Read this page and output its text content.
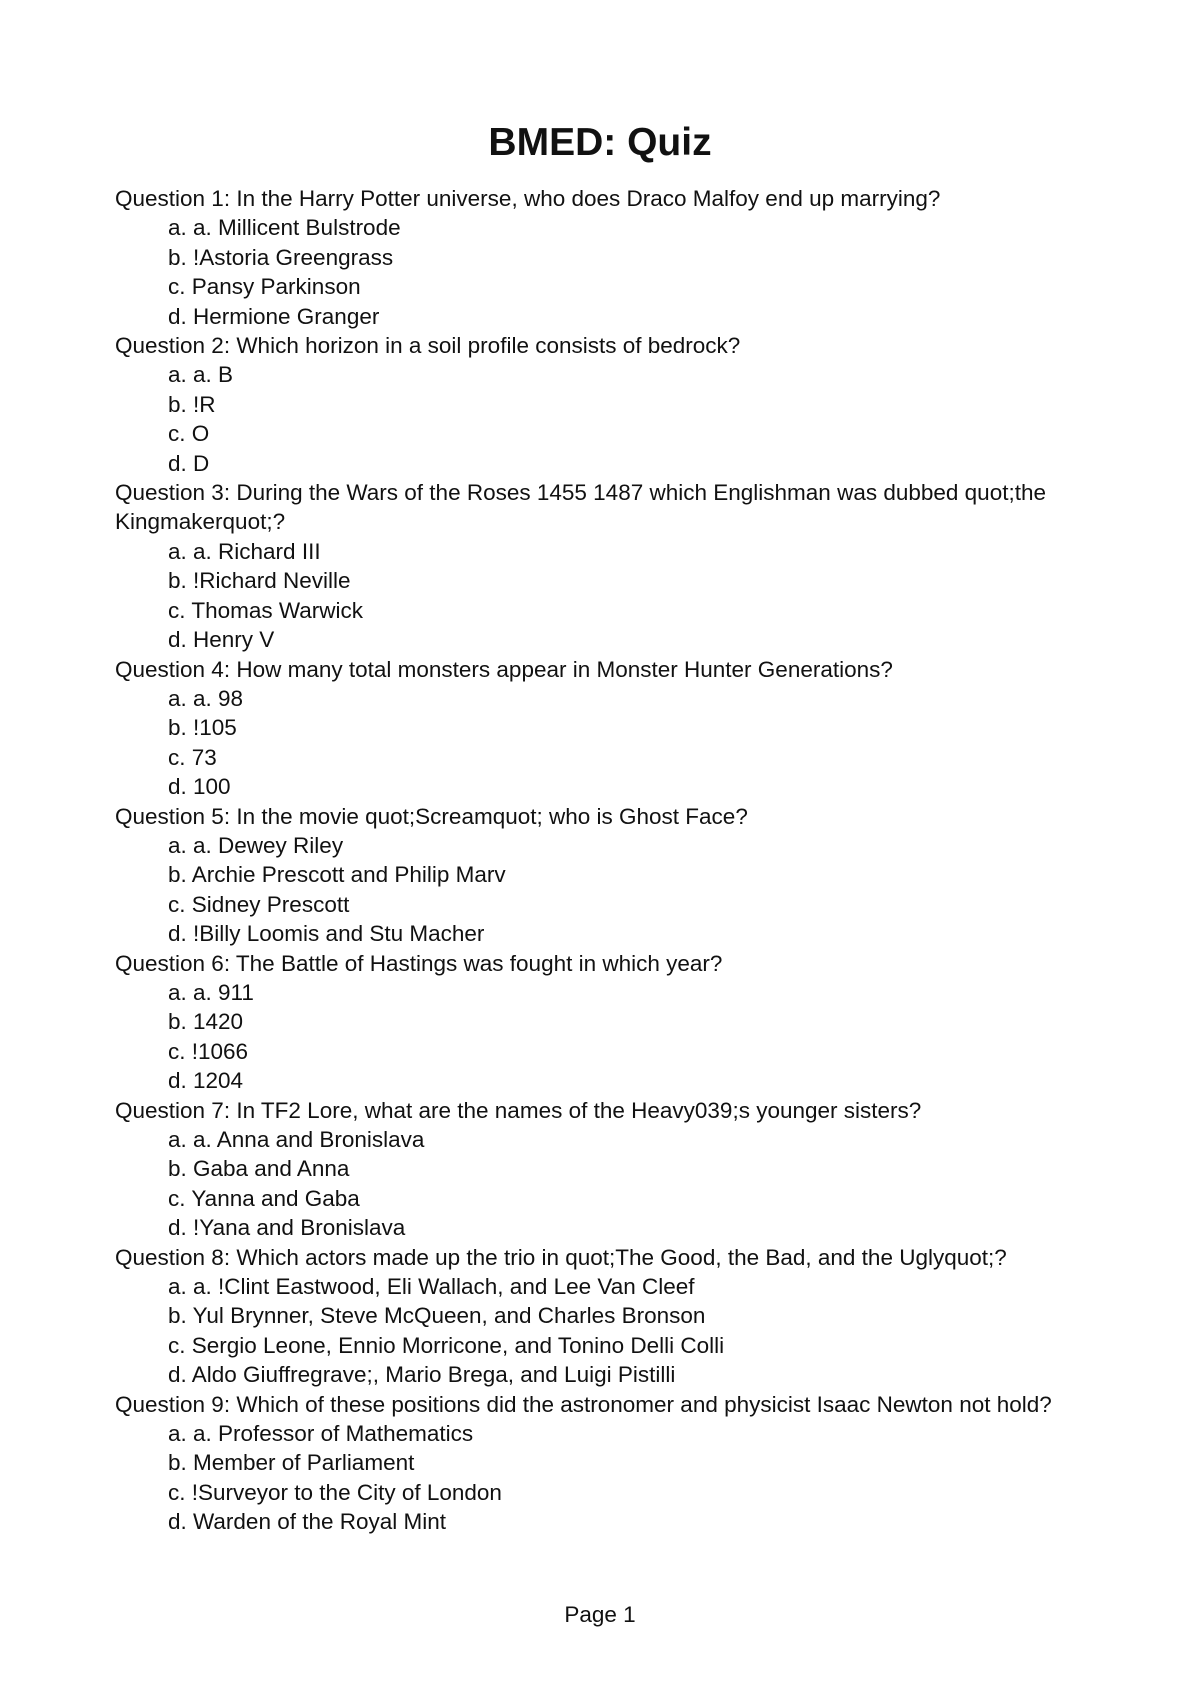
BMED: Quiz
Question 1: In the Harry Potter universe, who does Draco Malfoy end up marrying?
a. a. Millicent Bulstrode
b. !Astoria Greengrass
c. Pansy Parkinson
d. Hermione Granger
Question 2: Which horizon in a soil profile consists of bedrock?
a. a. B
b. !R
c. O
d. D
Question 3: During the Wars of the Roses 1455 1487 which Englishman was dubbed quot;the Kingmakerquot;?
a. a. Richard III
b. !Richard Neville
c. Thomas Warwick
d. Henry V
Question 4: How many total monsters appear in Monster Hunter Generations?
a. a. 98
b. !105
c. 73
d. 100
Question 5: In the movie quot;Screamquot; who is Ghost Face?
a. a. Dewey Riley
b. Archie Prescott and Philip Marv
c. Sidney Prescott
d. !Billy Loomis and Stu Macher
Question 6: The Battle of Hastings was fought in which year?
a. a. 911
b. 1420
c. !1066
d. 1204
Question 7: In TF2 Lore, what are the names of the Heavy039;s younger sisters?
a. a. Anna and Bronislava
b. Gaba and Anna
c. Yanna and Gaba
d. !Yana and Bronislava
Question 8: Which actors made up the trio in quot;The Good, the Bad, and the Uglyquot;?
a. a. !Clint Eastwood, Eli Wallach, and Lee Van Cleef
b. Yul Brynner, Steve McQueen, and Charles Bronson
c. Sergio Leone, Ennio Morricone, and Tonino Delli Colli
d. Aldo Giuffregrave;, Mario Brega, and Luigi Pistilli
Question 9: Which of these positions did the astronomer and physicist Isaac Newton not hold?
a. a. Professor of Mathematics
b. Member of Parliament
c. !Surveyor to the City of London
d. Warden of the Royal Mint
Page 1
